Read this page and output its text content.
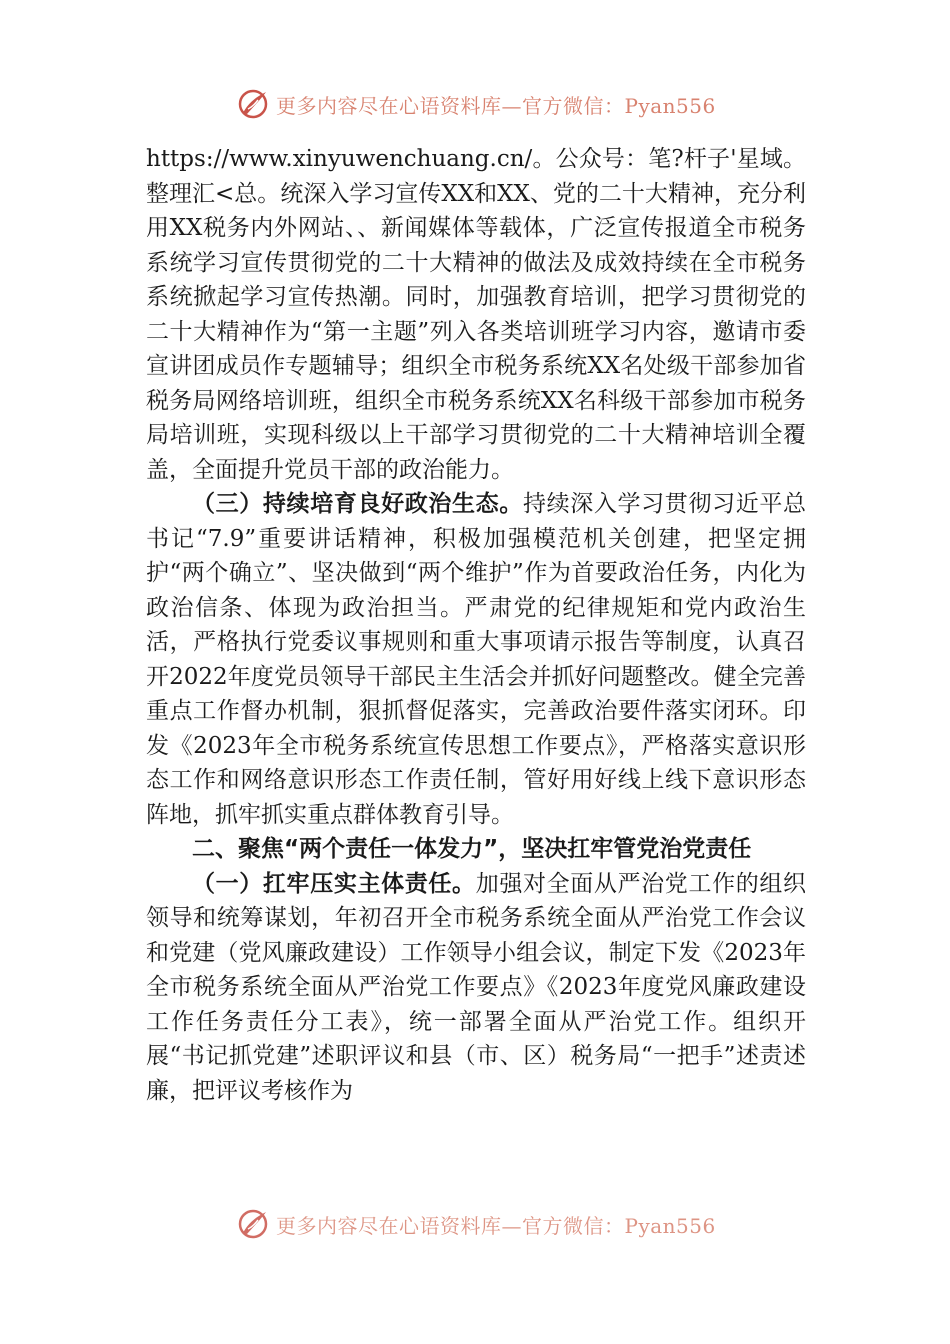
更多内容尽在心语资料库—官方微信：Pyan556

https://www.xinyuwenchuang.cn/。公众号：笔?杆子'星域。整理汇<总。统深入学习宣传XX和XX、党的二十大精神，充分利用XX税务内外网站、、新闻媒体等载体，广泛宣传报道全市税务系统学习宣传贯彻党的二十大精神的做法及成效持续在全市税务系统掀起学习宣传热潮。同时，加强教育培训，把学习贯彻党的二十大精神作为“第一主题”列入各类培训班学习内容，邀请市委宣讲团成员作专题辅导；组织全市税务系统XX名处级干部参加省税务局网络培训班，组织全市税务系统XX名科级干部参加市税务局培训班，实现科级以上干部学习贯彻党的二十大精神培训全覆盖，全面提升党员干部的政治能力。

（三）持续培育良好政治生态。持续深入学习贯彻习近平总书记“7.9”重要讲话精神，积极加强模范机关创建，把坚定拥护“两个确立”、坚决做到“两个维护”作为首要政治任务，内化为政治信条、体现为政治担当。严肃党的纪律规矩和党内政治生活，严格执行党委议事规则和重大事项请示报告等制度，认真召开2022年度党员领导干部民主生活会并抓好问题整改。健全完善重点工作督办机制，狠抓督促落实，完善政治要件落实闭环。印发《2023年全市税务系统宣传思想工作要点》，严格落实意识形态工作和网络意识形态工作责任制，管好用好线上线下意识形态阵地，抓牢抓实重点群体教育引导。

二、聚焦“两个责任一体发力”，坚决扛牢管党治党责任

（一）扛牢压实主体责任。加强对全面从严治党工作的组织领导和统筹谋划，年初召开全市税务系统全面从严治党工作会议和党建（党风廉政建设）工作领导小组会议，制定下发《2023年全市税务系统全面从严治党工作要点》《2023年度党风廉政建设工作任务责任分工表》，统一部署全面从严治党工作。组织开展“书记抓党建”述职评议和县（市、区）税务局“一把手”述责述廉，把评议考核作为

更多内容尽在心语资料库—官方微信：Pyan556
